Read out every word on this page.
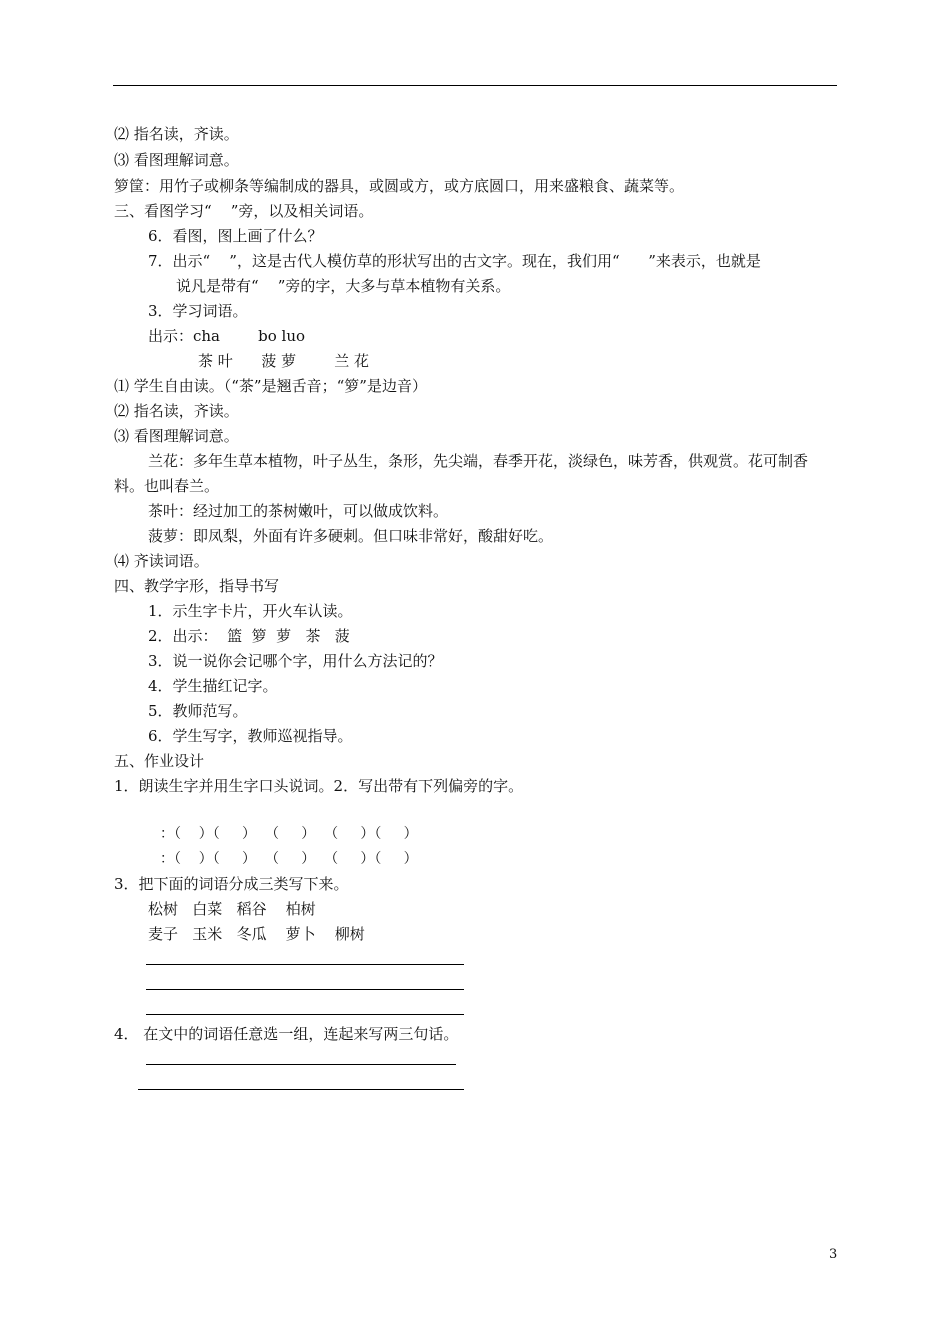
⑵ 指名读，齐读。
⑶ 看图理解词意。
箩筐：用竹子或柳条等编制成的器具，或圆或方，或方底圆口，用来盛粮食、蔬菜等。
三、看图学习“    ”旁，以及相关词语。
6．看图，图上画了什么？
7．出示“    ”，这是古代人模仿草的形状写出的古文字。现在，我们用“      ”来表示，也就是
说凡是带有“    ”旁的字，大多与草本植物有关系。
3．学习词语。
出示：cha        bo luo
茶 叶      菠 萝        兰 花
⑴ 学生自由读。（“茶”是翘舌音；“箩”是边音）
⑵ 指名读，齐读。
⑶ 看图理解词意。
兰花：多年生草本植物，叶子丛生，条形，先尖端，春季开花，淡绿色，味芳香，供观赏。花可制香
料。也叫春兰。
茶叶：经过加工的茶树嫩叶，可以做成饮料。
菠萝：即凤梨，外面有许多硬刺。但口味非常好，酸甜好吃。
⑷ 齐读词语。
四、教学字形，指导书写
1．示生字卡片，开火车认读。
2．出示：  篮  箩  萝   茶   菠
3．说一说你会记哪个字，用什么方法记的？
4．学生描红记字。
5．教师范写。
6．学生写字，教师巡视指导。
五、作业设计
1．朗读生字并用生字口头说词。2．写出带有下列偏旁的字。
：（    ）（     ）  （     ）  （     ）（     ）
：（    ）（     ）  （     ）  （     ）（     ）
3．把下面的词语分成三类写下来。
松树   白菜   稻谷    柏树
麦子   玉米   冬瓜    萝卜    柳树
4． 在文中的词语任意选一组，连起来写两三句话。
3
